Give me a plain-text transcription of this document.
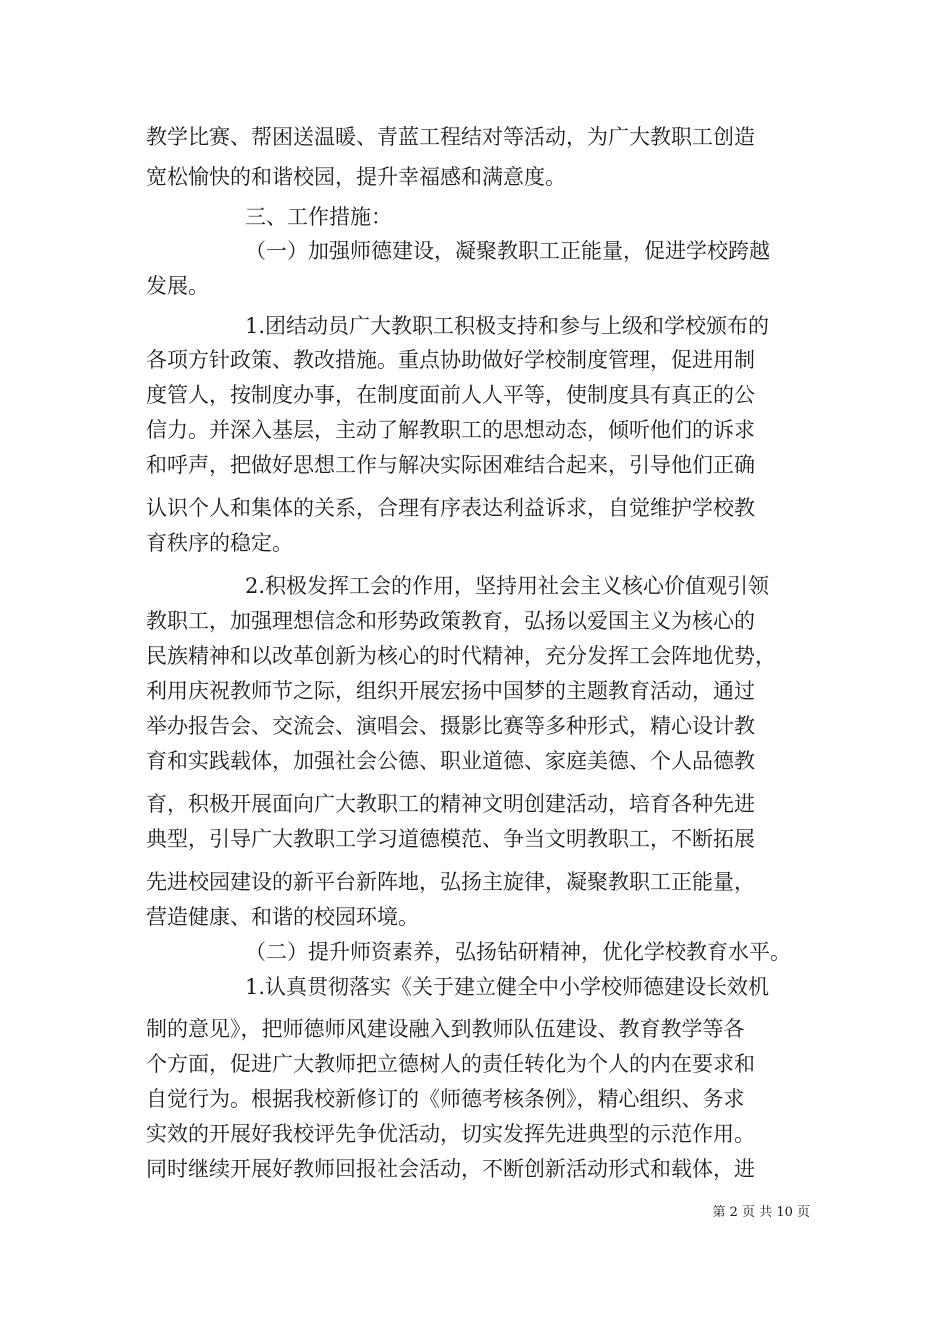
教学比赛、帮困送温暖、青蓝工程结对等活动，为广大教职工创造
宽松愉快的和谐校园，提升幸福感和满意度。
三、工作措施：
（一）加强师德建设，凝聚教职工正能量，促进学校跨越
发展。
1.团结动员广大教职工积极支持和参与上级和学校颁布的
各项方针政策、教改措施。重点协助做好学校制度管理，促进用制
度管人，按制度办事，在制度面前人人平等，使制度具有真正的公
信力。并深入基层，主动了解教职工的思想动态，倾听他们的诉求
和呼声，把做好思想工作与解决实际困难结合起来，引导他们正确
认识个人和集体的关系，合理有序表达利益诉求，自觉维护学校教
育秩序的稳定。
2.积极发挥工会的作用，坚持用社会主义核心价值观引领
教职工，加强理想信念和形势政策教育，弘扬以爱国主义为核心的
民族精神和以改革创新为核心的时代精神，充分发挥工会阵地优势，
利用庆祝教师节之际，组织开展宏扬中国梦的主题教育活动，通过
举办报告会、交流会、演唱会、摄影比赛等多种形式，精心设计教
育和实践载体，加强社会公德、职业道德、家庭美德、个人品德教
育，积极开展面向广大教职工的精神文明创建活动，培育各种先进
典型，引导广大教职工学习道德模范、争当文明教职工，不断拓展
先进校园建设的新平台新阵地，弘扬主旋律，凝聚教职工正能量，
营造健康、和谐的校园环境。
（二）提升师资素养，弘扬钻研精神，优化学校教育水平。
1.认真贯彻落实《关于建立健全中小学校师德建设长效机
制的意见》，把师德师风建设融入到教师队伍建设、教育教学等各
个方面，促进广大教师把立德树人的责任转化为个人的内在要求和
自觉行为。根据我校新修订的《师德考核条例》，精心组织、务求
实效的开展好我校评先争优活动，切实发挥先进典型的示范作用。
同时继续开展好教师回报社会活动，不断创新活动形式和载体，进
第 2 页 共 10 页
